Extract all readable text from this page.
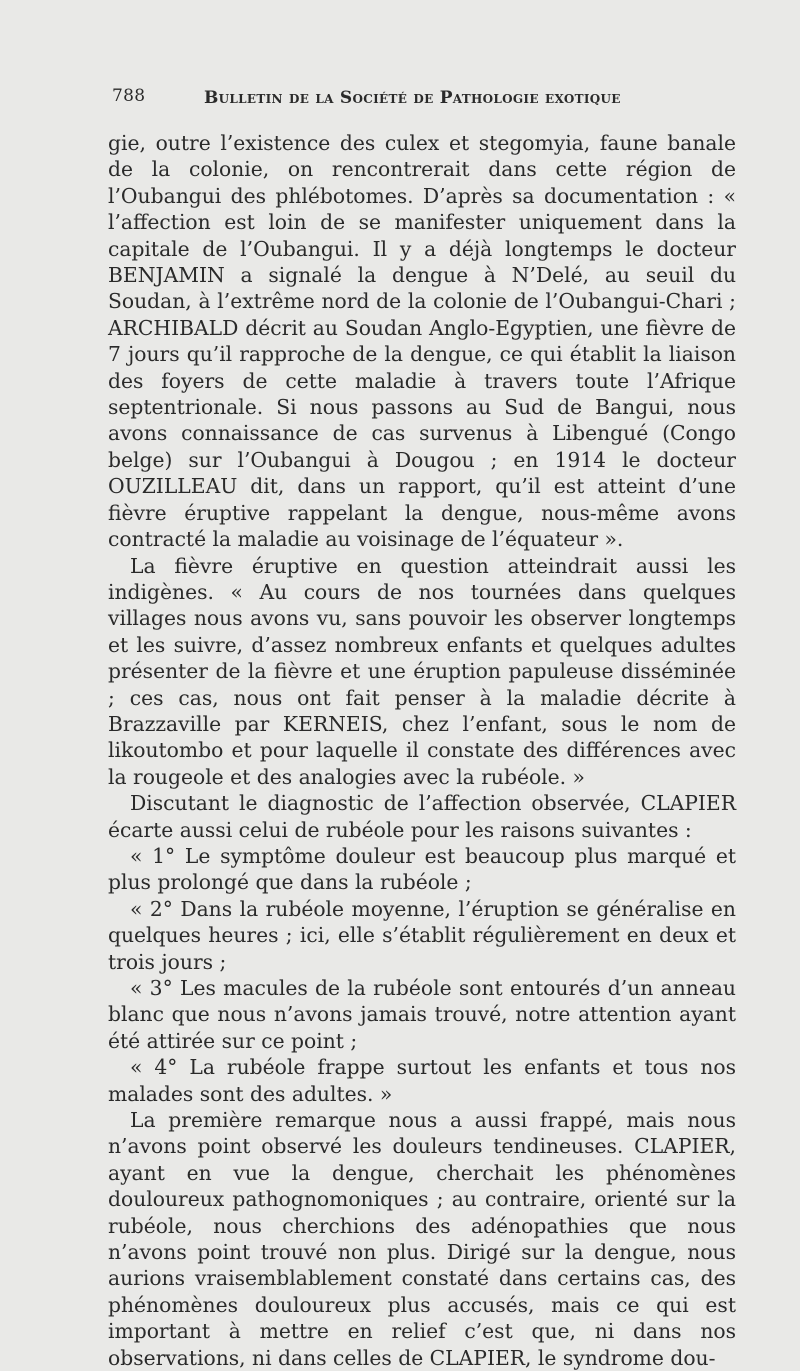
788	Bulletin de la Société de Pathologie exotique

gie, outre l’existence des culex et stegomyia, faune banale de la colonie, on rencontrerait dans cette région de l’Oubangui des phlébotomes. D’après sa documentation : « l’affection est loin de se manifester uniquement dans la capitale de l’Oubangui. Il y a déjà longtemps le docteur BENJAMIN a signalé la dengue à N’Delé, au seuil du Soudan, à l’extrême nord de la colonie de l’Oubangui-Chari ; ARCHIBALD décrit au Soudan Anglo-Egyptien, une fièvre de 7 jours qu’il rapproche de la dengue, ce qui établit la liaison des foyers de cette maladie à travers toute l’Afrique septentrionale. Si nous passons au Sud de Bangui, nous avons connaissance de cas survenus à Libengué (Congo belge) sur l’Oubangui à Dougou ; en 1914 le docteur OUZILLEAU dit, dans un rapport, qu’il est atteint d’une fièvre éruptive rappelant la dengue, nous-même avons contracté la maladie au voisinage de l’équateur ».

La fièvre éruptive en question atteindrait aussi les indigènes. « Au cours de nos tournées dans quelques villages nous avons vu, sans pouvoir les observer longtemps et les suivre, d’assez nombreux enfants et quelques adultes présenter de la fièvre et une éruption papuleuse disséminée ; ces cas, nous ont fait penser à la maladie décrite à Brazzaville par KERNEIS, chez l’enfant, sous le nom de likoutombo et pour laquelle il constate des différences avec la rougeole et des analogies avec la rubéole. »

Discutant le diagnostic de l’affection observée, CLAPIER écarte aussi celui de rubéole pour les raisons suivantes :

« 1° Le symptôme douleur est beaucoup plus marqué et plus prolongé que dans la rubéole ;

« 2° Dans la rubéole moyenne, l’éruption se généralise en quelques heures ; ici, elle s’établit régulièrement en deux et trois jours ;

« 3° Les macules de la rubéole sont entourés d’un anneau blanc que nous n’avons jamais trouvé, notre attention ayant été attirée sur ce point ;

« 4° La rubéole frappe surtout les enfants et tous nos malades sont des adultes. »

La première remarque nous a aussi frappé, mais nous n’avons point observé les douleurs tendineuses. CLAPIER, ayant en vue la dengue, cherchait les phénomènes douloureux pathognomoniques ; au contraire, orienté sur la rubéole, nous cherchions des adénopathies que nous n’avons point trouvé non plus. Dirigé sur la dengue, nous aurions vraisemblablement constaté dans certains cas, des phénomènes douloureux plus accusés, mais ce qui est important à mettre en relief c’est que, ni dans nos observations, ni dans celles de CLAPIER, le syndrome dou-
